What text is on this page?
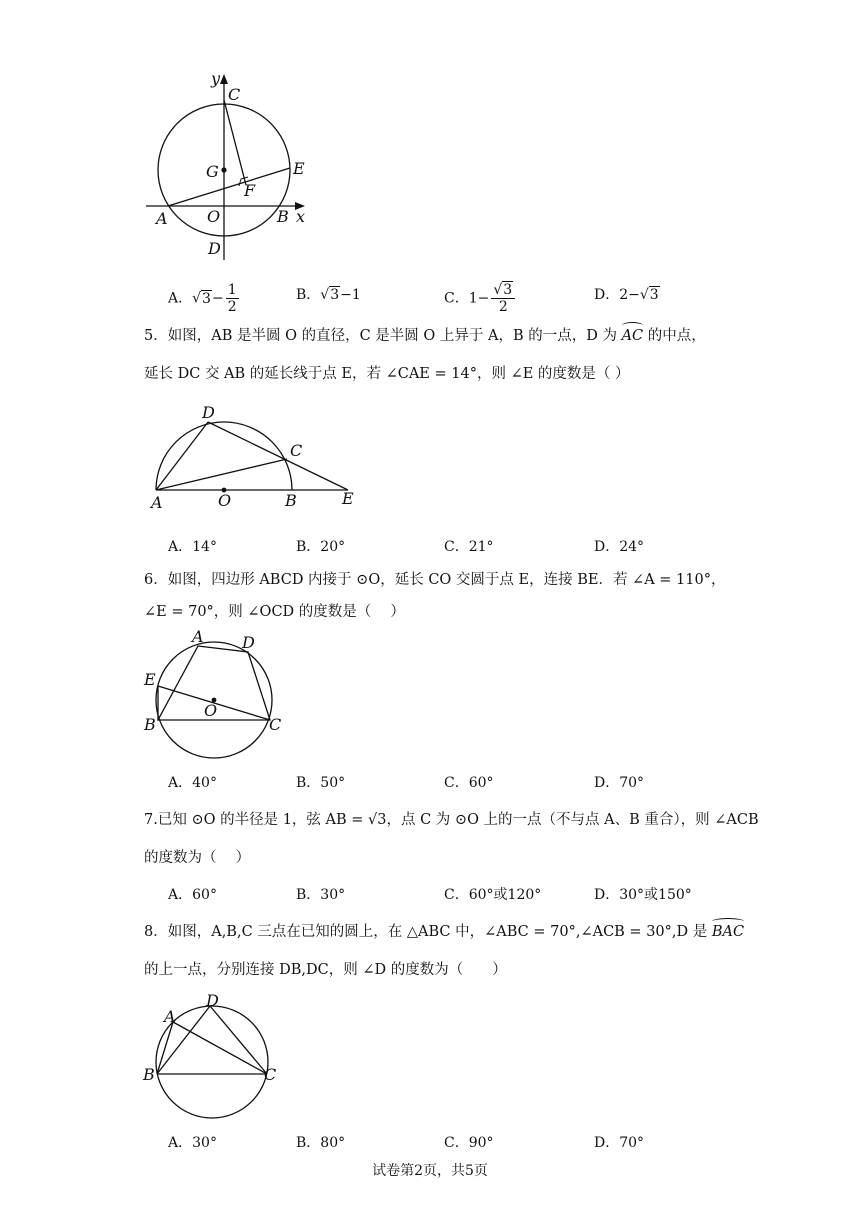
y
C
G	E
F
A O	B x
D
A．$√3- \frac{1}{2}$	B．√3−1	C．$1- \frac{√3}{2}$	D．2−√3
5．如图，AB 是半圆 O 的直径，C 是半圆 O 上异于 A，B 的一点，D 为 AC 的中点，
延长 DC 交 AB 的延长线于点 E，若 ∠CAE = 14°，则 ∠E 的度数是（ ）
D
C
A	O	B	E
A．14°	B．20°	C．21°	D．24°
6．如图，四边形 ABCD 内接于 ⊙O，延长 CO 交圆于点 E，连接 BE．若 ∠A = 110°，
∠E = 70°，则 ∠OCD 的度数是（　 ）
A D
E
O
B	C
A．40°	B．50°	C．60°	D．70°
7.已知 ⊙O 的半径是 1，弦 AB = √3，点 C 为 ⊙O 上的一点（不与点 A、B 重合），则 ∠ACB
的度数为（　 ）
A．60°	B．30°	C．60°或120°	D．30°或150°
8．如图，A,B,C 三点在已知的圆上，在 △ABC 中，∠ABC = 70°,∠ACB = 30°,D 是 BAC
的上一点，分别连接 DB,DC，则 ∠D 的度数为（　　）
D
A
B	C
A．30°	B．80°	C．90°	D．70°
试卷第2页，共5页
